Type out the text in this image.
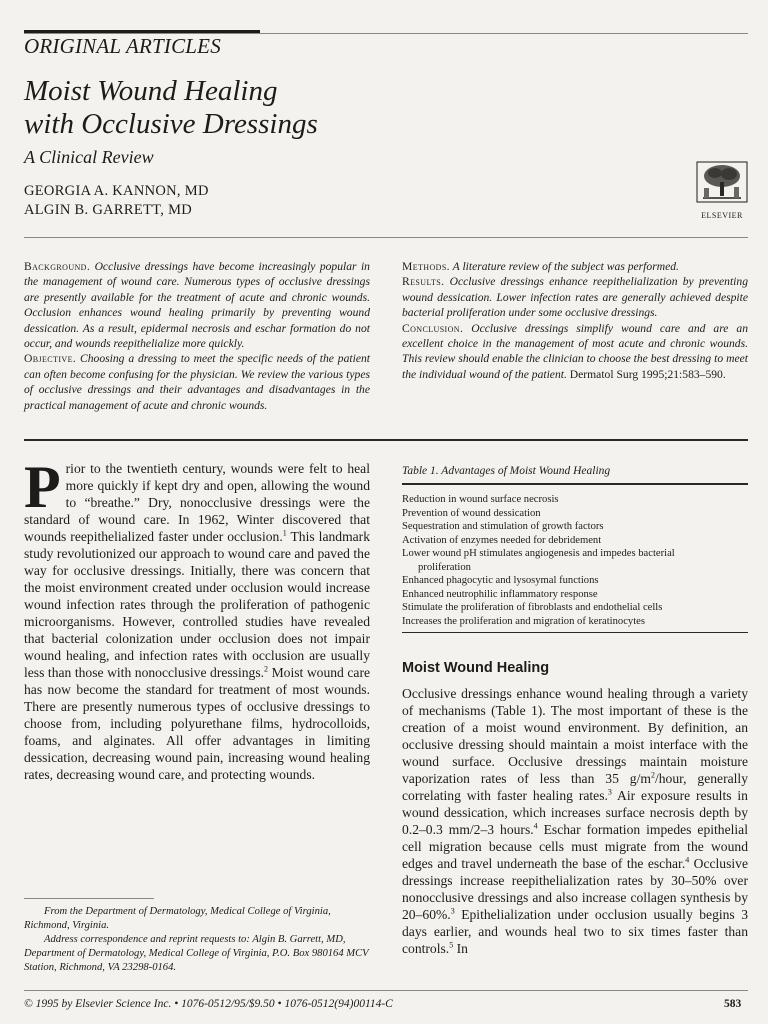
ORIGINAL ARTICLES
Moist Wound Healing
with Occlusive Dressings
A Clinical Review
GEORGIA A. KANNON, MD
ALGIN B. GARRETT, MD	ELSEVIER

Background. Occlusive dressings have become increasingly popular in the management of wound care. Numerous types of occlusive dressings are presently available for the treatment of acute and chronic wounds. Occlusion enhances wound healing primarily by preventing wound dessication. As a result, epidermal necrosis and eschar formation do not occur, and wounds reepithelialize more quickly.

Objective. Choosing a dressing to meet the specific needs of the patient can often become confusing for the physician. We review the various types of occlusive dressings and their advantages and disadvantages in the practical management of acute and chronic wounds.

Methods. A literature review of the subject was performed.

Results. Occlusive dressings enhance reepithelialization by preventing wound dessication. Lower infection rates are generally achieved despite bacterial proliferation under some occlusive dressings.

Conclusion. Occlusive dressings simplify wound care and are an excellent choice in the management of most acute and chronic wounds. This review should enable the clinician to choose the best dressing to meet the individual wound of the patient. Dermatol Surg 1995;21:583–590.

Prior to the twentieth century, wounds were felt to heal more quickly if kept dry and open, allowing the wound to “breathe.” Dry, nonocclusive dressings were the standard of wound care. In 1962, Winter discovered that wounds reepithelialized faster under occlusion.$^1$ This landmark study revolutionized our approach to wound care and paved the way for occlusive dressings. Initially, there was concern that the moist environment created under occlusion would increase wound infection rates through the proliferation of pathogenic microorganisms. However, controlled studies have revealed that bacterial colonization under occlusion does not impair wound healing, and infection rates with occlusion are usually less than those with nonocclusive dressings.$^2$ Moist wound care has now become the standard for treatment of most wounds. There are presently numerous types of occlusive dressings to choose from, including polyurethane films, hydrocolloids, foams, and alginates. All offer advantages in limiting dessication, decreasing wound pain, increasing wound healing rates, decreasing wound care, and protecting wounds.

Table 1. Advantages of Moist Wound Healing
Reduction in wound surface necrosis
Prevention of wound dessication
Sequestration and stimulation of growth factors
Activation of enzymes needed for debridement
Lower wound pH stimulates angiogenesis and impedes bacterial
proliferation
Enhanced phagocytic and lysosymal functions
Enhanced neutrophilic inflammatory response
Stimulate the proliferation of fibroblasts and endothelial cells
Increases the proliferation and migration of keratinocytes
Moist Wound Healing

Occlusive dressings enhance wound healing through a variety of mechanisms (Table 1). The most important of these is the creation of a moist wound environment. By definition, an occlusive dressing should maintain a moist interface with the wound surface. Occlusive dressings maintain moisture vaporization rates of less than 35 $g/m^2$/hour, generally correlating with faster healing rates.$^3$ Air exposure results in wound dessication, which increases surface necrosis depth by 0.2–0.3 mm/2–3 hours.$^4$ Eschar formation impedes epithelial cell migration because cells must migrate from the wound edges and travel underneath the base of the eschar.$^4$ Occlusive dressings increase reepithelialization rates by 30–50% over nonocclusive dressings and also increase collagen synthesis by 20–60%.$^3$ Epithelialization under occlusion usually begins 3 days earlier, and wounds heal two to six times faster than controls.$^5$ In

From the Department of Dermatology, Medical College of Virginia, Richmond, Virginia.

Address correspondence and reprint requests to: Algin B. Garrett, MD, Department of Dermatology, Medical College of Virginia, P.O. Box 980164 MCV Station, Richmond, VA 23298-0164.

© 1995 by Elsevier Science Inc. • 1076-0512/95/$9.50 • 1076-0512(94)00114-C	583
